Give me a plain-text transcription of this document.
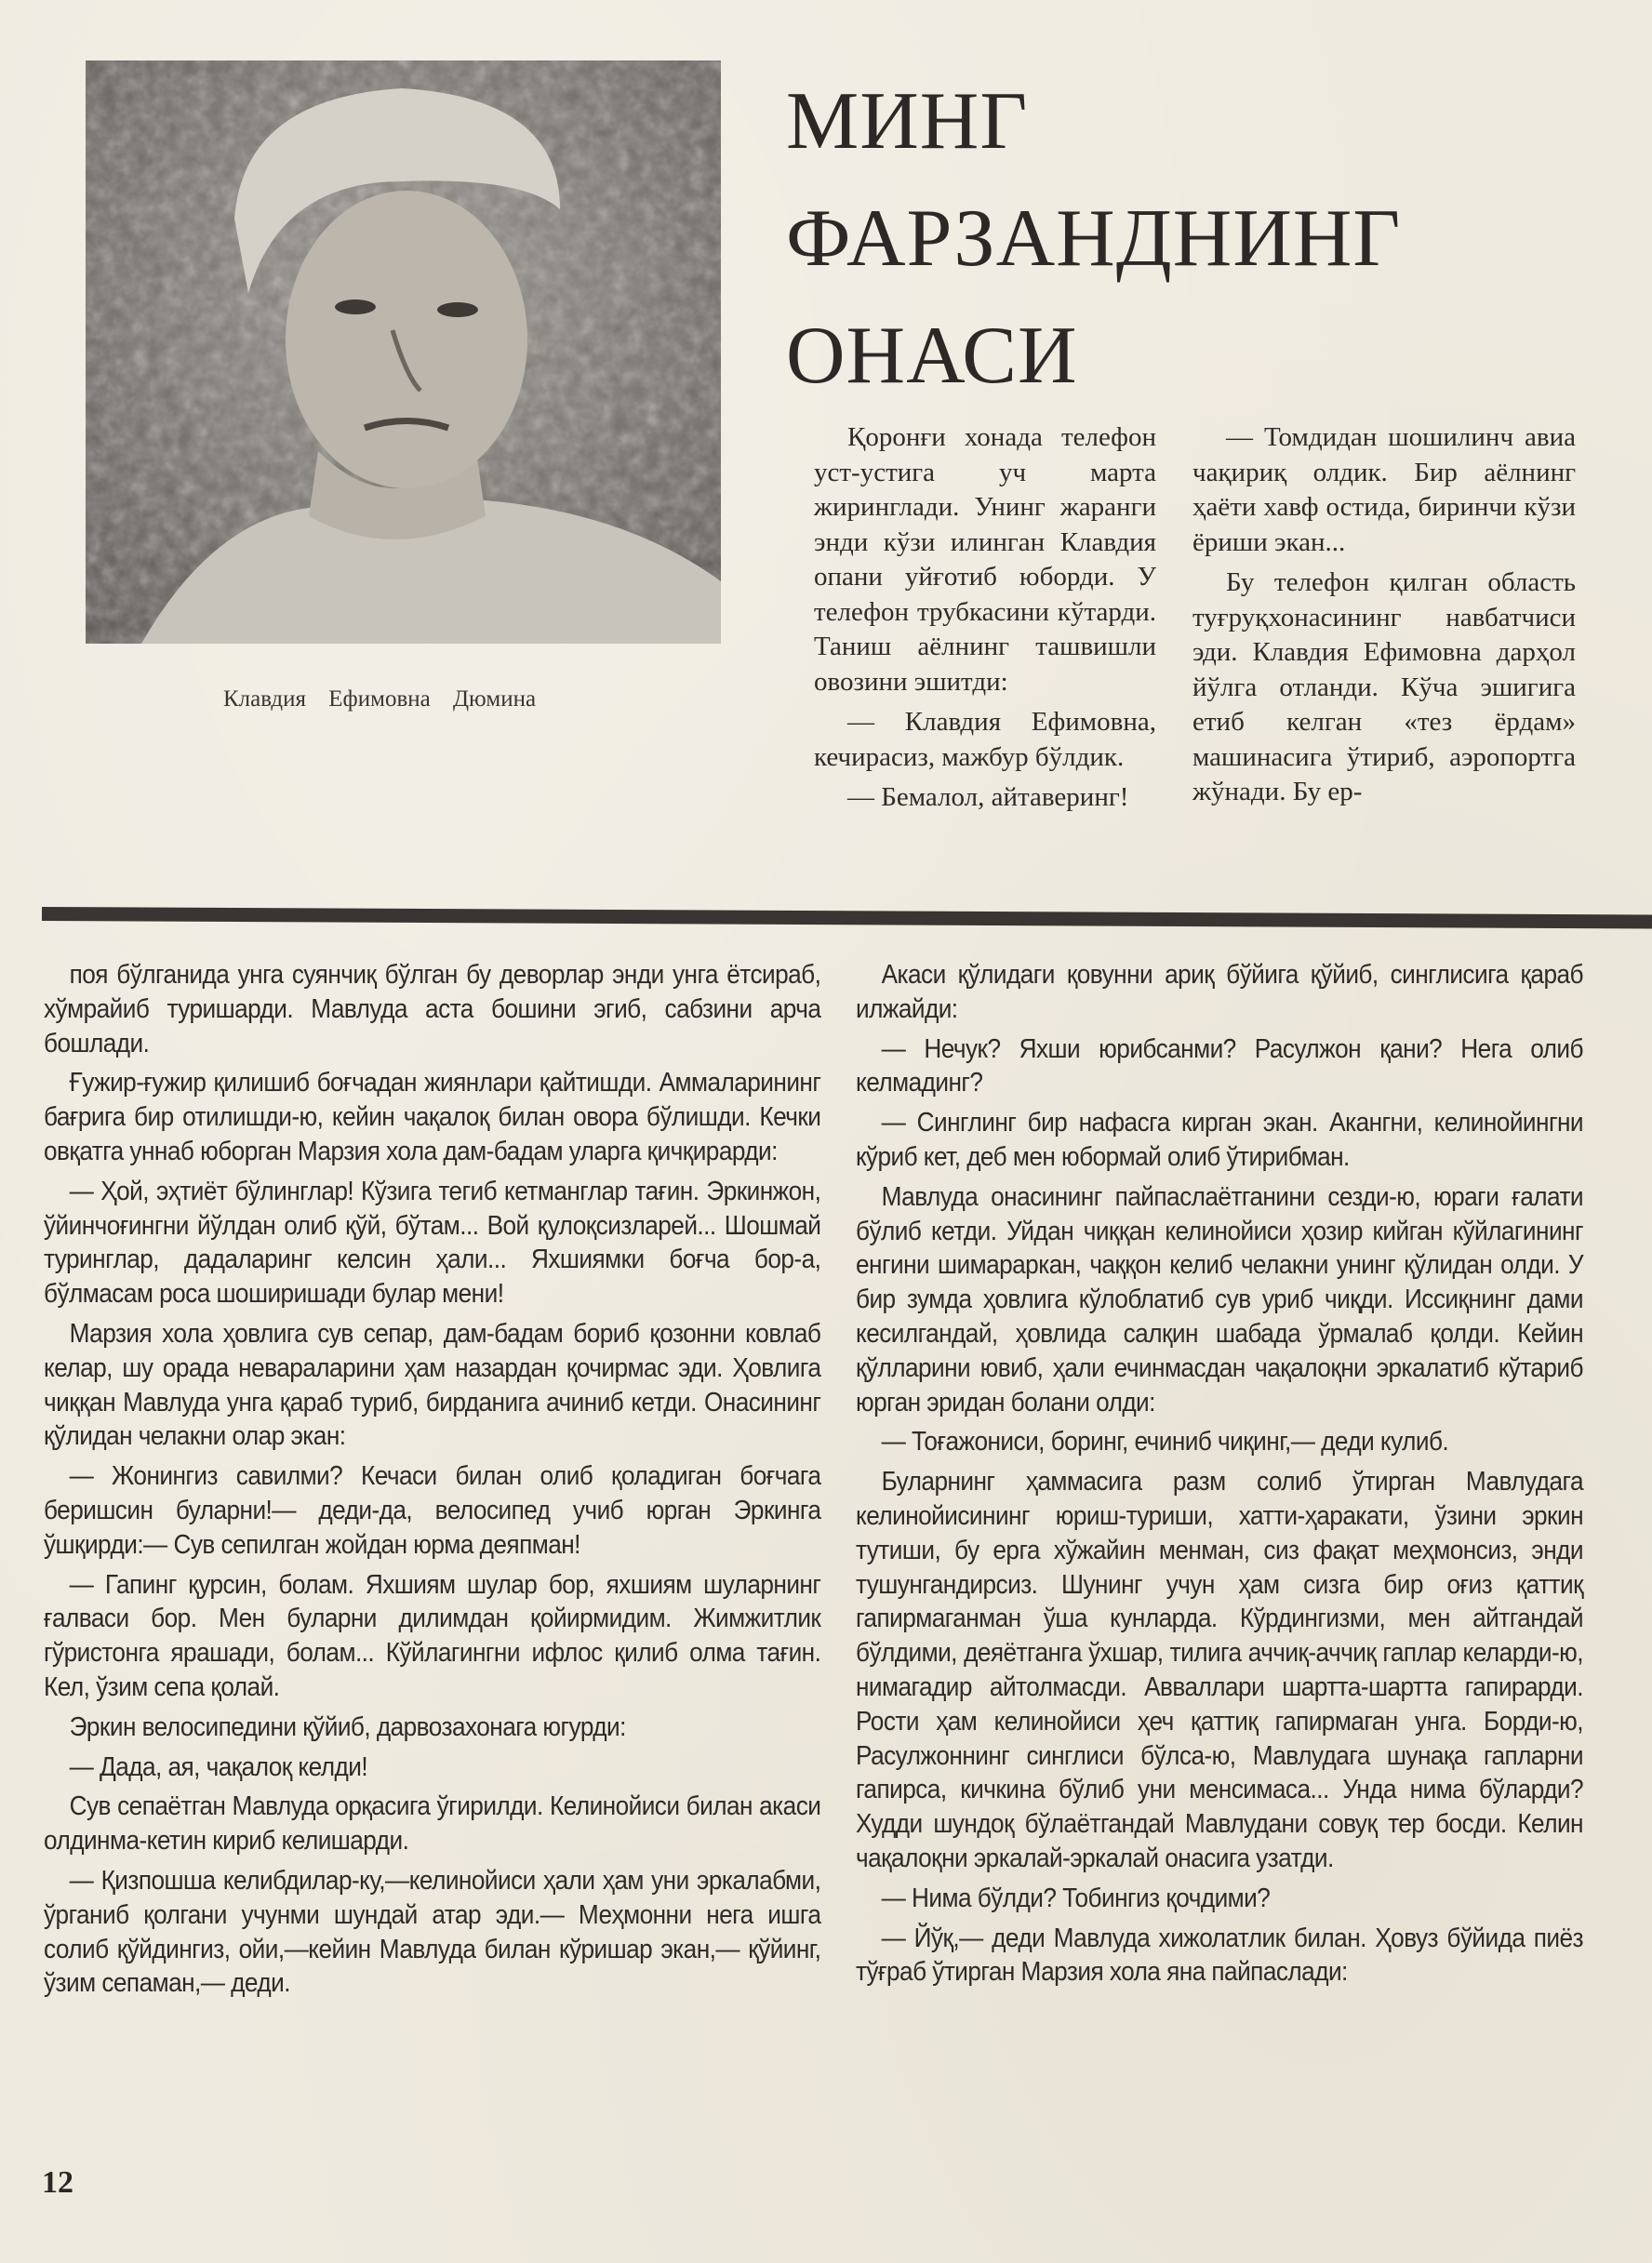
Клавдия Ефимовна Дюмина
МИНГ
ФАРЗАНДНИНГ
ОНАСИ

Қоронғи хонада телефон уст-устига уч марта жиринглади. Унинг жаранги энди кўзи илинган Клавдия опани уйғотиб юборди. У телефон трубкасини кўтарди. Таниш аёлнинг ташвишли овозини эшитди:

— Клавдия Ефимовна, кечирасиз, мажбур бўлдик.

— Бемалол, айтаверинг!

— Томдидан шошилинч авиа чақириқ олдик. Бир аёлнинг ҳаёти хавф остида, биринчи кўзи ёриши экан...

Бу телефон қилган область туғруқхонасининг навбатчиси эди. Клавдия Ефимовна дарҳол йўлга отланди. Кўча эшигига етиб келган «тез ёрдам» машинасига ўтириб, аэропортга жўнади. Бу ер-

поя бўлганида унга суянчиқ бўлган бу деворлар энди унга ётсираб, хўмрайиб туришарди. Мавлуда аста бошини эгиб, сабзини арча бошлади.

Ғужир-ғужир қилишиб боғчадан жиянлари қайтишди. Аммаларининг бағрига бир отилишди-ю, кейин чақалоқ билан овора бўлишди. Кечки овқатга уннаб юборган Марзия хола дам-бадам уларга қичқирарди:

— Ҳой, эҳтиёт бўлинглар! Кўзига тегиб кетманглар тағин. Эркинжон, ўйинчоғингни йўлдан олиб қўй, бўтам... Вой қулоқсизларей... Шошмай туринглар, дадаларинг келсин ҳали... Яхшиямки боғча бор-а, бўлмасам роса шоширишади булар мени!

Марзия хола ҳовлига сув сепар, дам-бадам бориб қозонни ковлаб келар, шу орада невараларини ҳам назардан қочирмас эди. Ҳовлига чиққан Мавлуда унга қараб туриб, бирданига ачиниб кетди. Онасининг қўлидан челакни олар экан:

— Жонингиз савилми? Кечаси билан олиб қоладиган боғчага беришсин буларни!— деди-да, велосипед учиб юрган Эркинга ўшқирди:— Сув сепилган жойдан юрма деяпман!

— Гапинг қурсин, болам. Яхшиям шулар бор, яхшиям шуларнинг ғалваси бор. Мен буларни дилимдан қойирмидим. Жимжитлик гўристонга ярашади, болам... Кўйлагингни ифлос қилиб олма тағин. Кел, ўзим сепа қолай.

Эркин велосипедини қўйиб, дарвозахонага югурди:

— Дада, ая, чақалоқ келди!

Сув сепаётган Мавлуда орқасига ўгирилди. Келинойиси билан акаси олдинма-кетин кириб келишарди.

— Қизпошша келибдилар-ку,—келинойиси ҳали ҳам уни эркалабми, ўрганиб қолгани учунми шундай атар эди.— Меҳмонни нега ишга солиб қўйдингиз, ойи,—кейин Мавлуда билан кўришар экан,— қўйинг, ўзим сепаман,— деди.

Акаси қўлидаги қовунни ариқ бўйига қўйиб, синглисига қараб илжайди:

— Нечук? Яхши юрибсанми? Расулжон қани? Нега олиб келмадинг?

— Синглинг бир нафасга кирган экан. Акангни, келинойингни кўриб кет, деб мен юбормай олиб ўтирибман.

Мавлуда онасининг пайпаслаётганини сезди-ю, юраги ғалати бўлиб кетди. Уйдан чиққан келинойиси ҳозир кийган кўйлагининг енгини шимараркан, чаққон келиб челакни унинг қўлидан олди. У бир зумда ҳовлига кўлоблатиб сув уриб чиқди. Иссиқнинг дами кесилгандай, ҳовлида салқин шабада ўрмалаб қолди. Кейин қўлларини ювиб, ҳали ечинмасдан чақалоқни эркалатиб кўтариб юрган эридан болани олди:

— Тоғажониси, боринг, ечиниб чиқинг,— деди кулиб.

Буларнинг ҳаммасига разм солиб ўтирган Мавлудага келинойисининг юриш-туриши, хатти-ҳаракати, ўзини эркин тутиши, бу ерга хўжайин менман, сиз фақат меҳмонсиз, энди тушунгандирсиз. Шунинг учун ҳам сизга бир оғиз қаттиқ гапирмаганман ўша кунларда. Кўрдингизми, мен айтгандай бўлдими, деяётганга ўхшар, тилига аччиқ-аччиқ гаплар келарди-ю, нимагадир айтолмасди. Авваллари шартта-шартта гапирарди. Рости ҳам келинойиси ҳеч қаттиқ гапирмаган унга. Борди-ю, Расулжоннинг синглиси бўлса-ю, Мавлудага шунақа гапларни гапирса, кичкина бўлиб уни менсимаса... Унда нима бўларди? Худди шундоқ бўлаётгандай Мавлудани совуқ тер босди. Келин чақалоқни эркалай-эркалай онасига узатди.

— Нима бўлди? Тобингиз қочдими?

— Йўқ,— деди Мавлуда хижолатлик билан. Ҳовуз бўйида пиёз тўғраб ўтирган Марзия хола яна пайпаслади:

12
